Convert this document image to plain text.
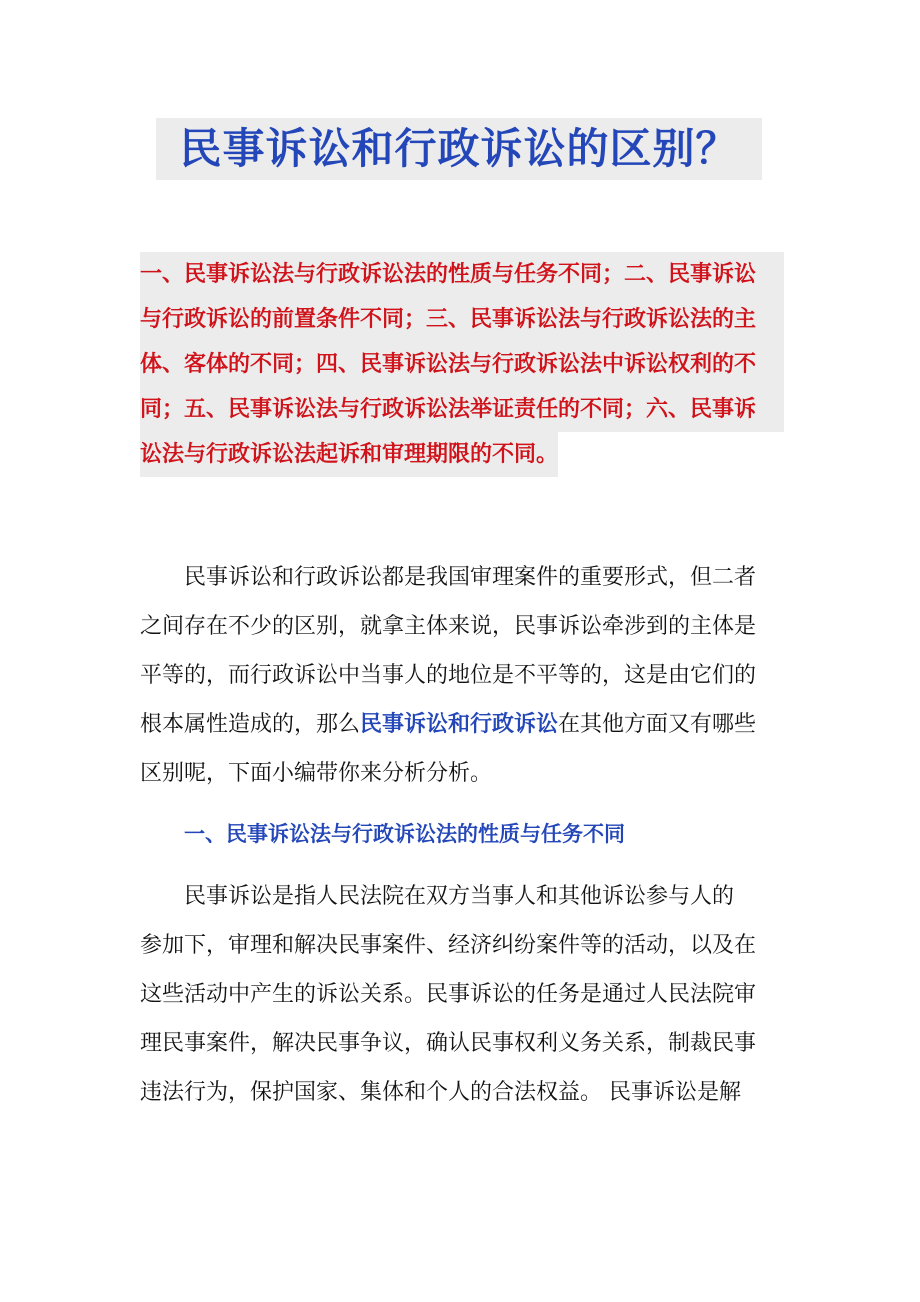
民事诉讼和行政诉讼的区别？
一、民事诉讼法与行政诉讼法的性质与任务不同；二、民事诉讼
与行政诉讼的前置条件不同；三、民事诉讼法与行政诉讼法的主
体、客体的不同；四、民事诉讼法与行政诉讼法中诉讼权利的不
同；五、民事诉讼法与行政诉讼法举证责任的不同；六、民事诉
讼法与行政诉讼法起诉和审理期限的不同。
民事诉讼和行政诉讼都是我国审理案件的重要形式，但二者
之间存在不少的区别，就拿主体来说，民事诉讼牵涉到的主体是
平等的，而行政诉讼中当事人的地位是不平等的，这是由它们的
根本属性造成的，那么民事诉讼和行政诉讼在其他方面又有哪些
区别呢，下面小编带你来分析分析。
一、民事诉讼法与行政诉讼法的性质与任务不同
民事诉讼是指人民法院在双方当事人和其他诉讼参与人的
参加下，审理和解决民事案件、经济纠纷案件等的活动，以及在
这些活动中产生的诉讼关系。民事诉讼的任务是通过人民法院审
理民事案件，解决民事争议，确认民事权利义务关系，制裁民事
违法行为，保护国家、集体和个人的合法权益。 民事诉讼是解
